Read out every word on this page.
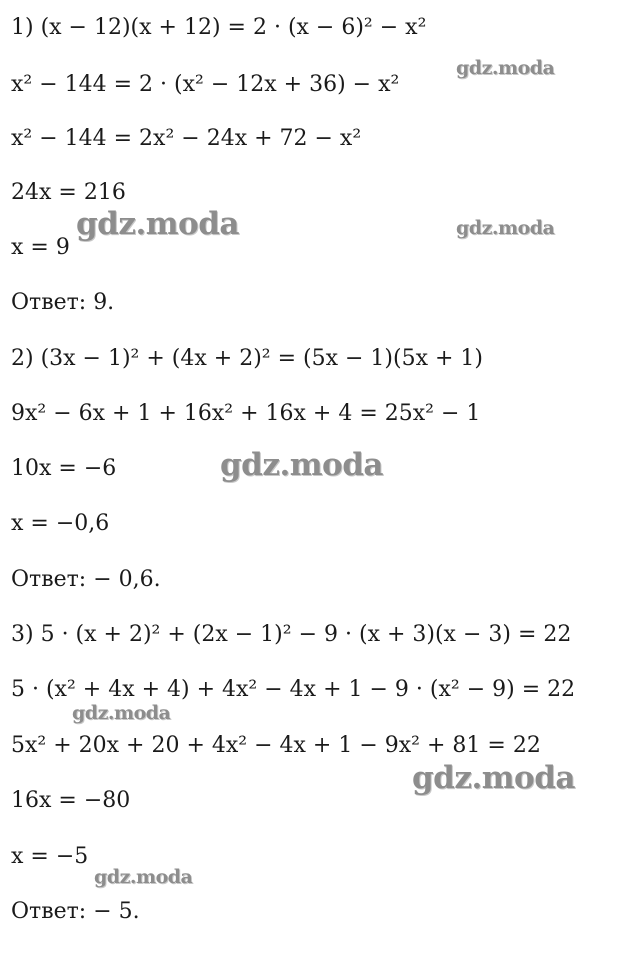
1) (x − 12)(x + 12) = 2 · (x − 6)² − x²
x² − 144 = 2 · (x² − 12x + 36) − x²
x² − 144 = 2x² − 24x + 72 − x²
24x = 216
x = 9
Ответ: 9.
2) (3x − 1)² + (4x + 2)² = (5x − 1)(5x + 1)
9x² − 6x + 1 + 16x² + 16x + 4 = 25x² − 1
10x = −6
x = −0,6
Ответ: − 0,6.
3) 5 · (x + 2)² + (2x − 1)² − 9 · (x + 3)(x − 3) = 22
5 · (x² + 4x + 4) + 4x² − 4x + 1 − 9 · (x² − 9) = 22
5x² + 20x + 20 + 4x² − 4x + 1 − 9x² + 81 = 22
16x = −80
x = −5
Ответ: − 5.
gdz.moda
gdz.moda	gdz.moda
gdz.moda
gdz.moda
gdz.moda
gdz.moda
